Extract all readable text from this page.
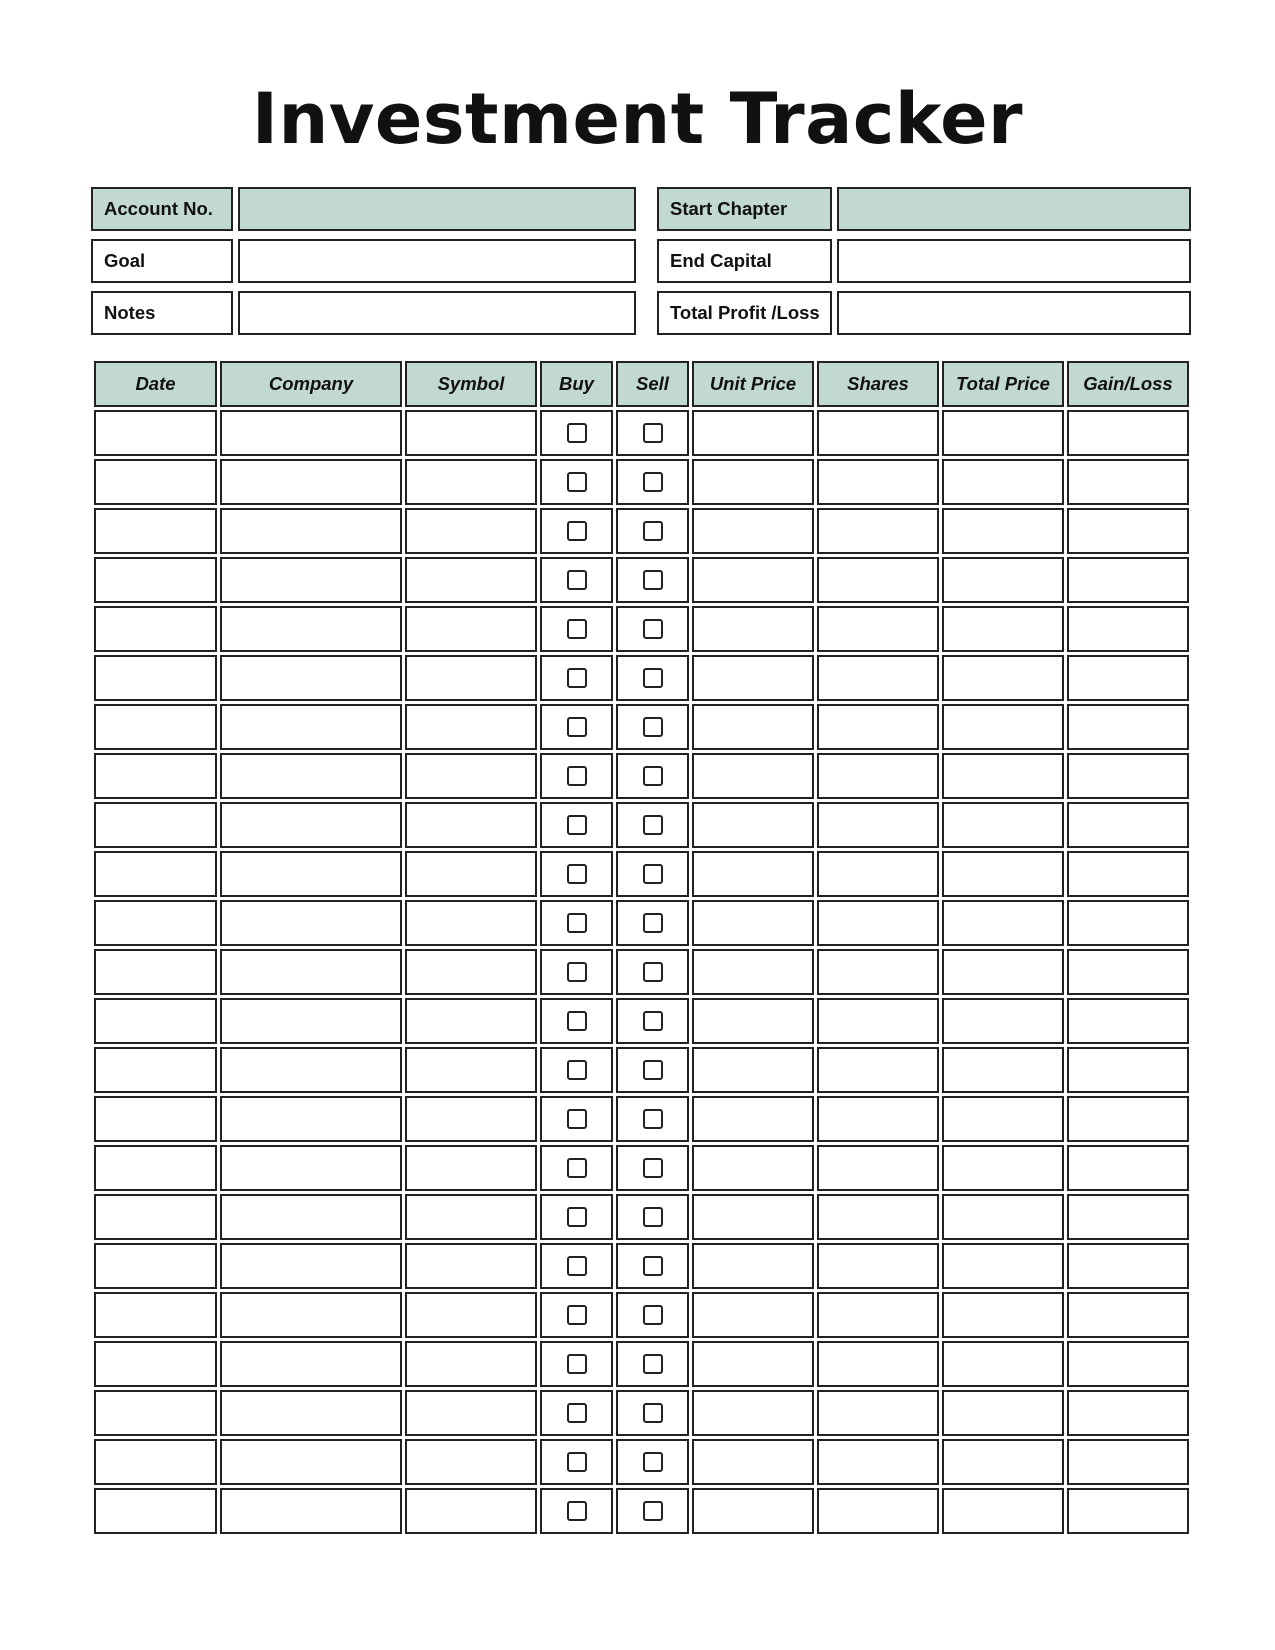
Investment Tracker
Account No.
Goal
Notes
Start Chapter
End Capital
Total Profit /Loss
Date	Company	Symbol	Buy	Sell	Unit Price	Shares	Total Price	Gain/Loss
